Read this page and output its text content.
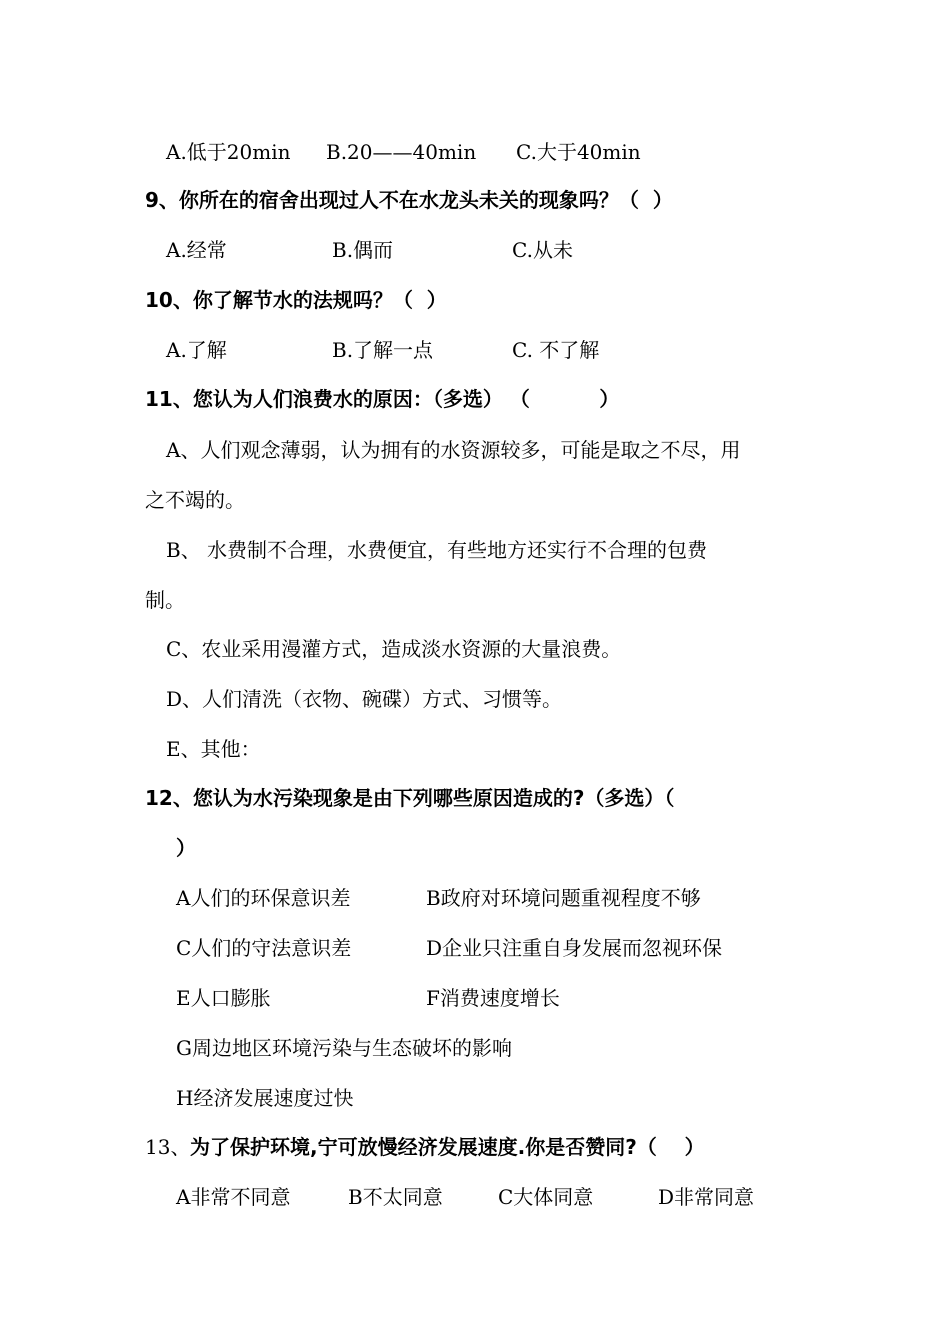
A.低于20min B.20——40min C.大于40min
9、你所在的宿舍出现过人不在水龙头未关的现象吗？（  ）
A.经常	B.偶而	C.从未
10、你了解节水的法规吗？（  ）
A.了解	B.了解一点	C. 不了解
11、您认为人们浪费水的原因：（多选） （          ）
A、人们观念薄弱，认为拥有的水资源较多，可能是取之不尽，用
之不竭的。
B、 水费制不合理，水费便宜，有些地方还实行不合理的包费
制。
C、农业采用漫灌方式，造成淡水资源的大量浪费。
D、人们清洗（衣物、碗碟）方式、习惯等。
E、其他：
12、您认为水污染现象是由下列哪些原因造成的?（多选）（
）
A人们的环保意识差	B政府对环境问题重视程度不够
C人们的守法意识差	D企业只注重自身发展而忽视环保
E人口膨胀	F消费速度增长
G周边地区环境污染与生态破坏的影响
H经济发展速度过快
13、 为了保护环境,宁可放慢经济发展速度.你是否赞同?（    ）
A非常不同意	B不太同意	C大体同意	D非常同意
